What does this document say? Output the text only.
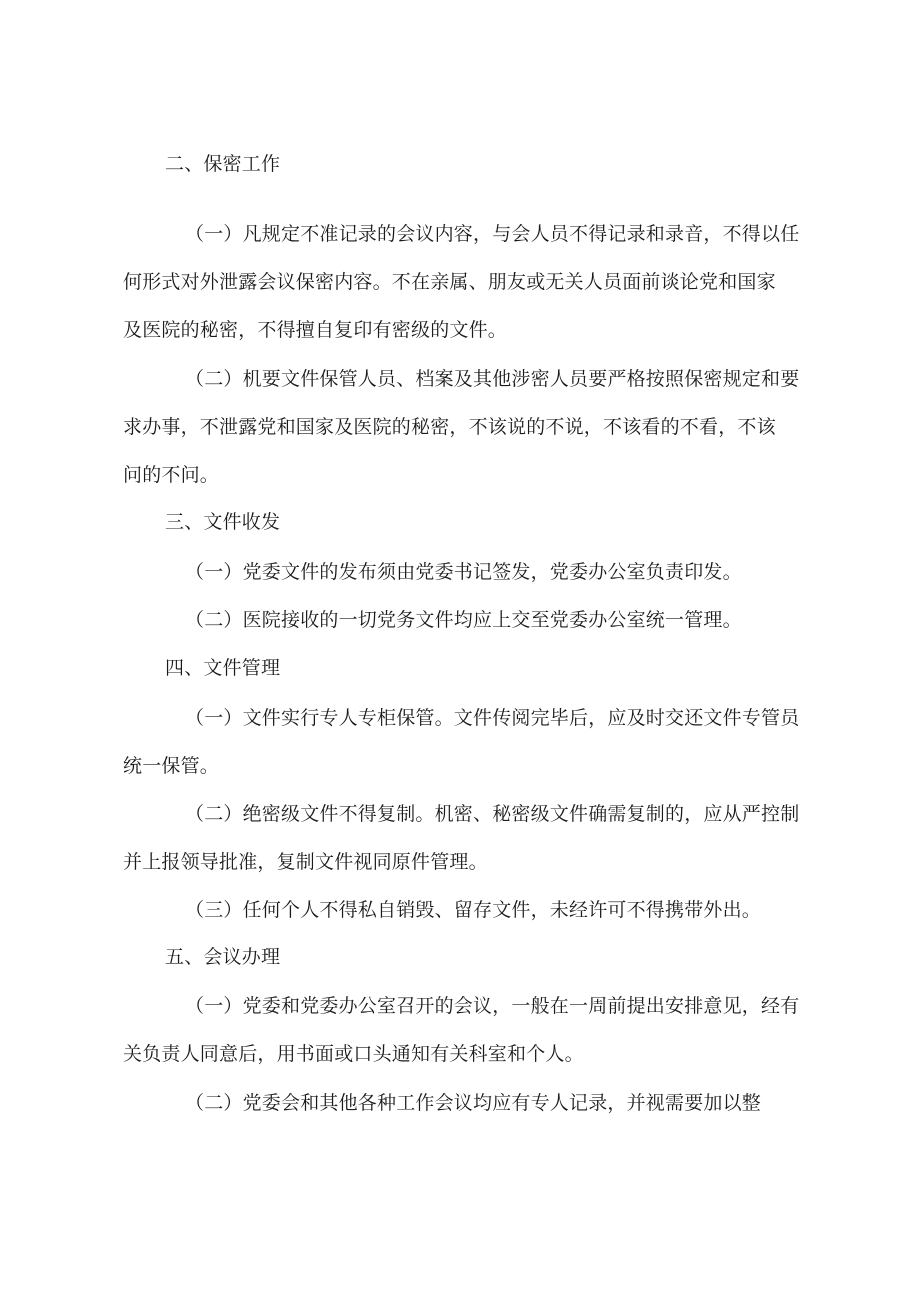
二、保密工作
（一）凡规定不准记录的会议内容，与会人员不得记录和录音，不得以任
何形式对外泄露会议保密内容。不在亲属、朋友或无关人员面前谈论党和国家
及医院的秘密，不得擅自复印有密级的文件。
（二）机要文件保管人员、档案及其他涉密人员要严格按照保密规定和要
求办事，不泄露党和国家及医院的秘密，不该说的不说，不该看的不看，不该
问的不问。
三、文件收发
（一）党委文件的发布须由党委书记签发，党委办公室负责印发。
（二）医院接收的一切党务文件均应上交至党委办公室统一管理。
四、文件管理
（一）文件实行专人专柜保管。文件传阅完毕后，应及时交还文件专管员
统一保管。
（二）绝密级文件不得复制。机密、秘密级文件确需复制的，应从严控制
并上报领导批准，复制文件视同原件管理。
（三）任何个人不得私自销毁、留存文件，未经许可不得携带外出。
五、会议办理
（一）党委和党委办公室召开的会议，一般在一周前提出安排意见，经有
关负责人同意后，用书面或口头通知有关科室和个人。
（二）党委会和其他各种工作会议均应有专人记录，并视需要加以整
